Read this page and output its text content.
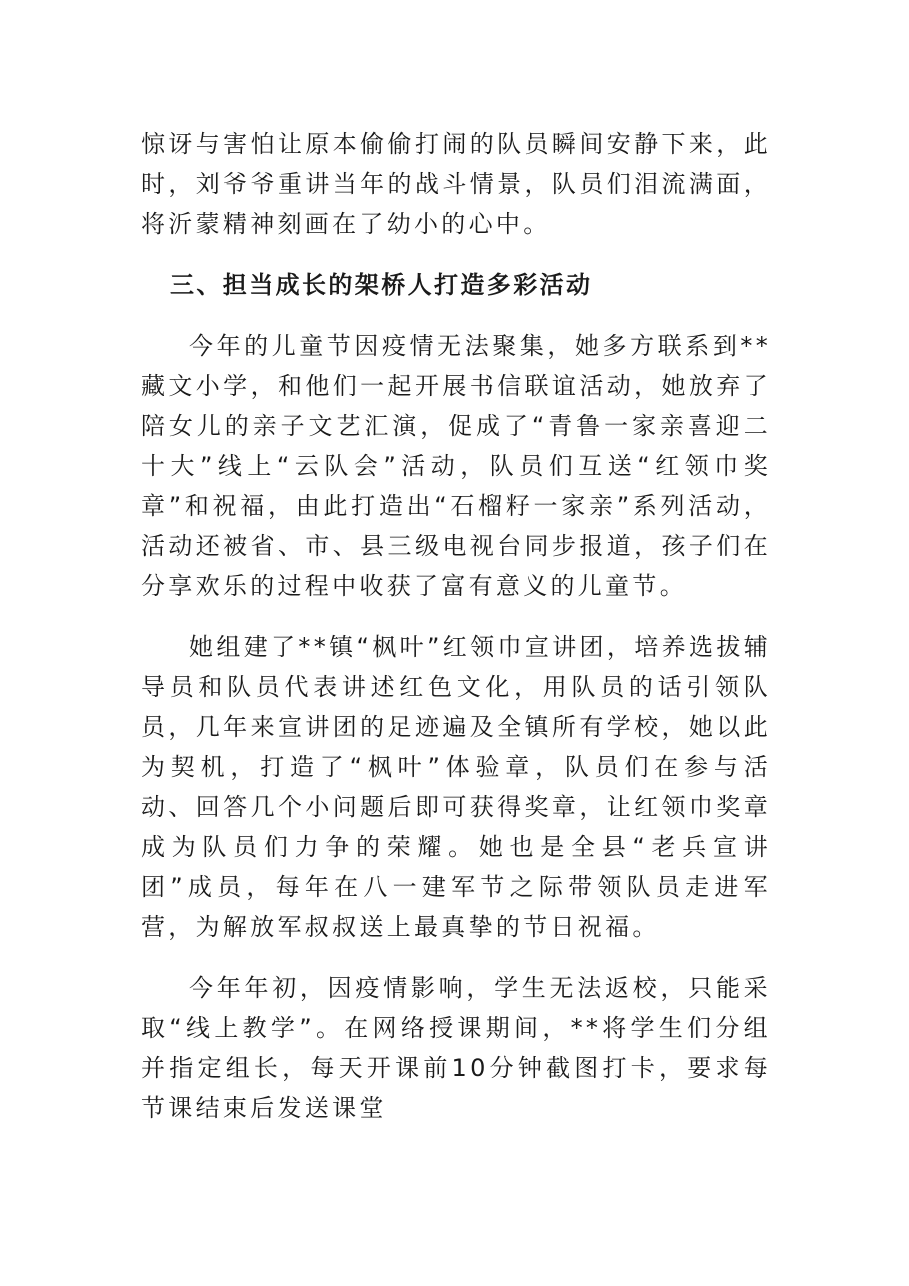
惊讶与害怕让原本偷偷打闹的队员瞬间安静下来，此时，刘爷爷重讲当年的战斗情景，队员们泪流满面，将沂蒙精神刻画在了幼小的心中。

三、担当成长的架桥人打造多彩活动

今年的儿童节因疫情无法聚集，她多方联系到**藏文小学，和他们一起开展书信联谊活动，她放弃了陪女儿的亲子文艺汇演，促成了“青鲁一家亲喜迎二十大”线上“云队会”活动，队员们互送“红领巾奖章”和祝福，由此打造出“石榴籽一家亲”系列活动，活动还被省、市、县三级电视台同步报道，孩子们在分享欢乐的过程中收获了富有意义的儿童节。

她组建了**镇“枫叶”红领巾宣讲团，培养选拔辅导员和队员代表讲述红色文化，用队员的话引领队员，几年来宣讲团的足迹遍及全镇所有学校，她以此为契机，打造了“枫叶”体验章，队员们在参与活动、回答几个小问题后即可获得奖章，让红领巾奖章成为队员们力争的荣耀。她也是全县“老兵宣讲团”成员，每年在八一建军节之际带领队员走进军营，为解放军叔叔送上最真挚的节日祝福。

今年年初，因疫情影响，学生无法返校，只能采取“线上教学”。在网络授课期间，**将学生们分组并指定组长，每天开课前10分钟截图打卡，要求每节课结束后发送课堂
